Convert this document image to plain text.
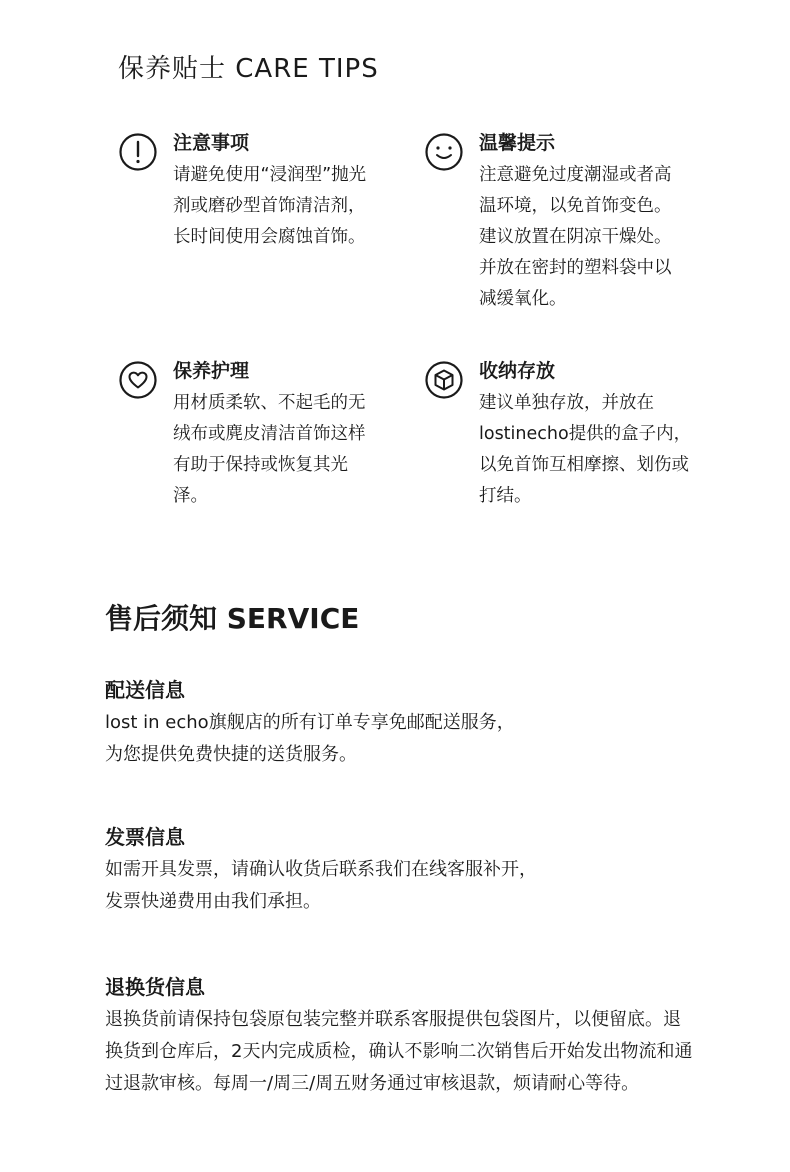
保养贴士 CARE TIPS

注意事项

请避免使用“浸润型”抛光剂或磨砂型首饰清洁剂，长时间使用会腐蚀首饰。

温馨提示

注意避免过度潮湿或者高温环境，以免首饰变色。建议放置在阴凉干燥处。并放在密封的塑料袋中以减缓氧化。

保养护理

用材质柔软、不起毛的无绒布或麂皮清洁首饰这样有助于保持或恢复其光泽。

收纳存放

建议单独存放，并放在lostinecho提供的盒子内，以免首饰互相摩擦、划伤或打结。

售后须知 SERVICE

配送信息

lost in echo旗舰店的所有订单专享免邮配送服务，

为您提供免费快捷的送货服务。

发票信息

如需开具发票，请确认收货后联系我们在线客服补开，

发票快递费用由我们承担。

退换货信息

退换货前请保持包袋原包装完整并联系客服提供包袋图片，以便留底。退换货到仓库后，2天内完成质检，确认不影响二次销售后开始发出物流和通过退款审核。每周一/周三/周五财务通过审核退款，烦请耐心等待。
